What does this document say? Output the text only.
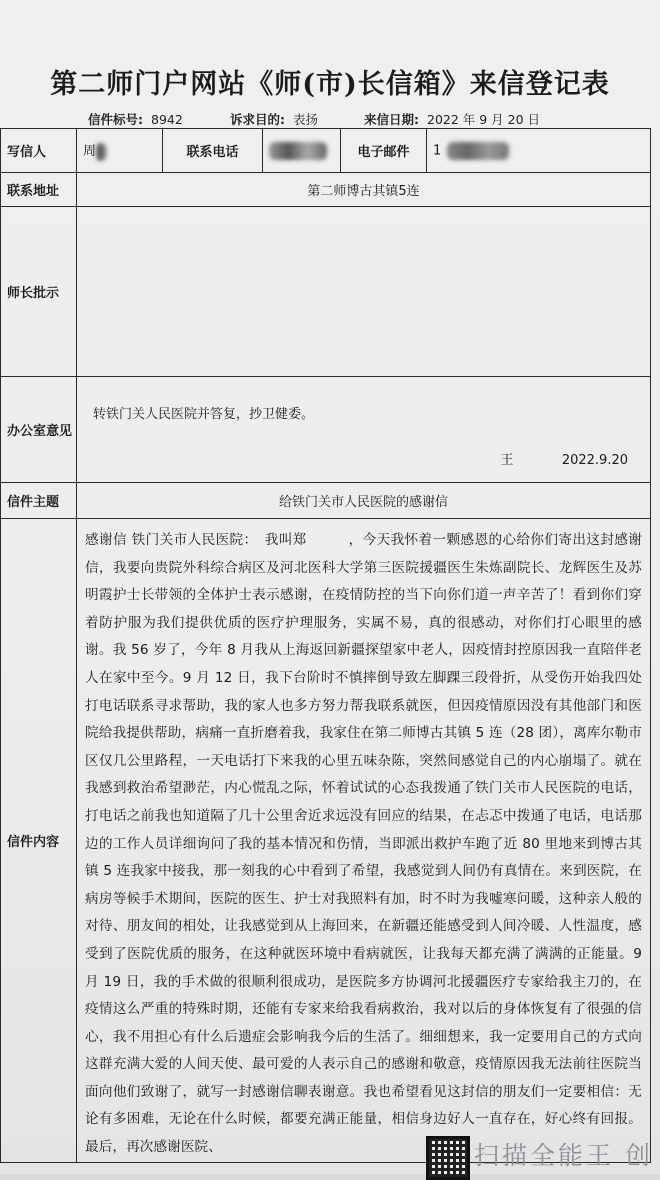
第二师门户网站《师(市)长信箱》来信登记表
信件标号: 8942	诉求目的: 表扬	来信日期: 2022 年 9 月 20 日
写信人	周	联系电话		电子邮件	1
联系地址	第二师博古其镇5连				
师长批示					
办公室意见	转铁门关人民医院并答复，抄卫健委。
王 2022.9.20				

信件主题	给铁门关市人民医院的感谢信				
信件内容	感谢信 铁门关市人民医院：　我叫郑　　　，今天我怀着一颗感恩的心给你们寄出这封感谢信，我要向贵院外科综合病区及河北医科大学第三医院援疆医生朱炼副院长、龙辉医生及苏明霞护士长带领的全体护士表示感谢，在疫情防控的当下向你们道一声辛苦了！看到你们穿着防护服为我们提供优质的医疗护理服务，实属不易，真的很感动，对你们打心眼里的感谢。我 56 岁了，今年 8 月我从上海返回新疆探望家中老人，因疫情封控原因我一直陪伴老人在家中至今。9 月 12 日，我下台阶时不慎摔倒导致左脚踝三段骨折，从受伤开始我四处打电话联系寻求帮助，我的家人也多方努力帮我联系就医，但因疫情原因没有其他部门和医院给我提供帮助，病痛一直折磨着我，我家住在第二师博古其镇 5 连（28 团），离库尔勒市区仅几公里路程，一天电话打下来我的心里五味杂陈，突然间感觉自己的内心崩塌了。就在我感到救治希望渺茫，内心慌乱之际，怀着试试的心态我拨通了铁门关市人民医院的电话，打电话之前我也知道隔了几十公里舍近求远没有回应的结果，在忐忑中拨通了电话，电话那边的工作人员详细询问了我的基本情况和伤情，当即派出救护车跑了近 80 里地来到博古其镇 5 连我家中接我，那一刻我的心中看到了希望，我感觉到人间仍有真情在。来到医院，在病房等候手术期间，医院的医生、护士对我照料有加，时不时为我嘘寒问暖，这种亲人般的对待、朋友间的相处，让我感觉到从上海回来，在新疆还能感受到人间冷暖、人性温度，感受到了医院优质的服务，在这种就医环境中看病就医，让我每天都充满了满满的正能量。9 月 19 日，我的手术做的很顺利很成功，是医院多方协调河北援疆医疗专家给我主刀的，在疫情这么严重的特殊时期，还能有专家来给我看病救治，我对以后的身体恢复有了很强的信心，我不用担心有什么后遗症会影响我今后的生活了。细细想来，我一定要用自己的方式向这群充满大爱的人间天使、最可爱的人表示自己的感谢和敬意，疫情原因我无法前往医院当面向他们致谢了，就写一封感谢信聊表谢意。我也希望看见这封信的朋友们一定要相信：无论有多困难，无论在什么时候，都要充满正能量，相信身边好人一直存在，好心终有回报。最后，再次感谢医院、					扫描全能王 创
